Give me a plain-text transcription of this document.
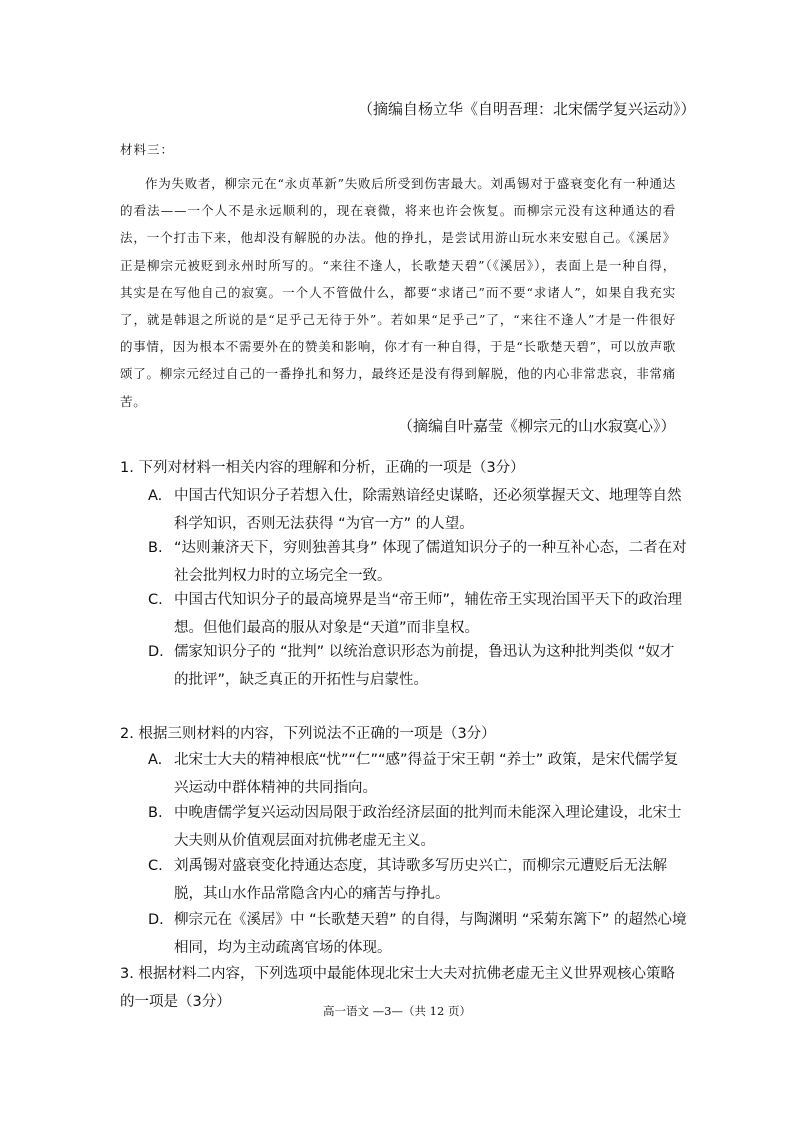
（摘编自杨立华《自明吾理：北宋儒学复兴运动》）
材料三：

作为失败者，柳宗元在“永贞革新”失败后所受到伤害最大。刘禹锡对于盛衰变化有一种通达的看法——一个人不是永远顺利的，现在衰微，将来也许会恢复。而柳宗元没有这种通达的看法，一个打击下来，他却没有解脱的办法。他的挣扎，是尝试用游山玩水来安慰自己。《溪居》正是柳宗元被贬到永州时所写的。“来往不逢人，长歌楚天碧”（《溪居》），表面上是一种自得，其实是在写他自己的寂寞。一个人不管做什么，都要“求诸己”而不要“求诸人”，如果自我充实了，就是韩退之所说的是“足乎己无待于外”。若如果“足乎己”了，“来往不逢人”才是一件很好的事情，因为根本不需要外在的赞美和影响，你才有一种自得，于是“长歌楚天碧”，可以放声歌颂了。柳宗元经过自己的一番挣扎和努力，最终还是没有得到解脱，他的内心非常悲哀，非常痛苦。

（摘编自叶嘉莹《柳宗元的山水寂寞心》）
1. 下列对材料一相关内容的理解和分析，正确的一项是（3分）
A. 中国古代知识分子若想入仕，除需熟谙经史谋略，还必须掌握天文、地理等自然科学知识，否则无法获得 “为官一方” 的人望。
B. “达则兼济天下，穷则独善其身” 体现了儒道知识分子的一种互补心态，二者在对社会批判权力时的立场完全一致。
C. 中国古代知识分子的最高境界是当“帝王师”，辅佐帝王实现治国平天下的政治理想。但他们最高的服从对象是“天道”而非皇权。
D. 儒家知识分子的 “批判” 以统治意识形态为前提，鲁迅认为这种批判类似 “奴才的批评”，缺乏真正的开拓性与启蒙性。
2. 根据三则材料的内容，下列说法不正确的一项是（3分）
A. 北宋士大夫的精神根底“忧”“仁”“感”得益于宋王朝 “养士” 政策，是宋代儒学复兴运动中群体精神的共同指向。
B. 中晚唐儒学复兴运动因局限于政治经济层面的批判而未能深入理论建设，北宋士大夫则从价值观层面对抗佛老虚无主义。
C. 刘禹锡对盛衰变化持通达态度，其诗歌多写历史兴亡，而柳宗元遭贬后无法解脱，其山水作品常隐含内心的痛苦与挣扎。
D. 柳宗元在《溪居》中 “长歌楚天碧” 的自得，与陶渊明 “采菊东篱下” 的超然心境相同，均为主动疏离官场的体现。
3. 根据材料二内容，下列选项中最能体现北宋士大夫对抗佛老虚无主义世界观核心策略的一项是（3分）
高一语文 —3—（共 12 页）
